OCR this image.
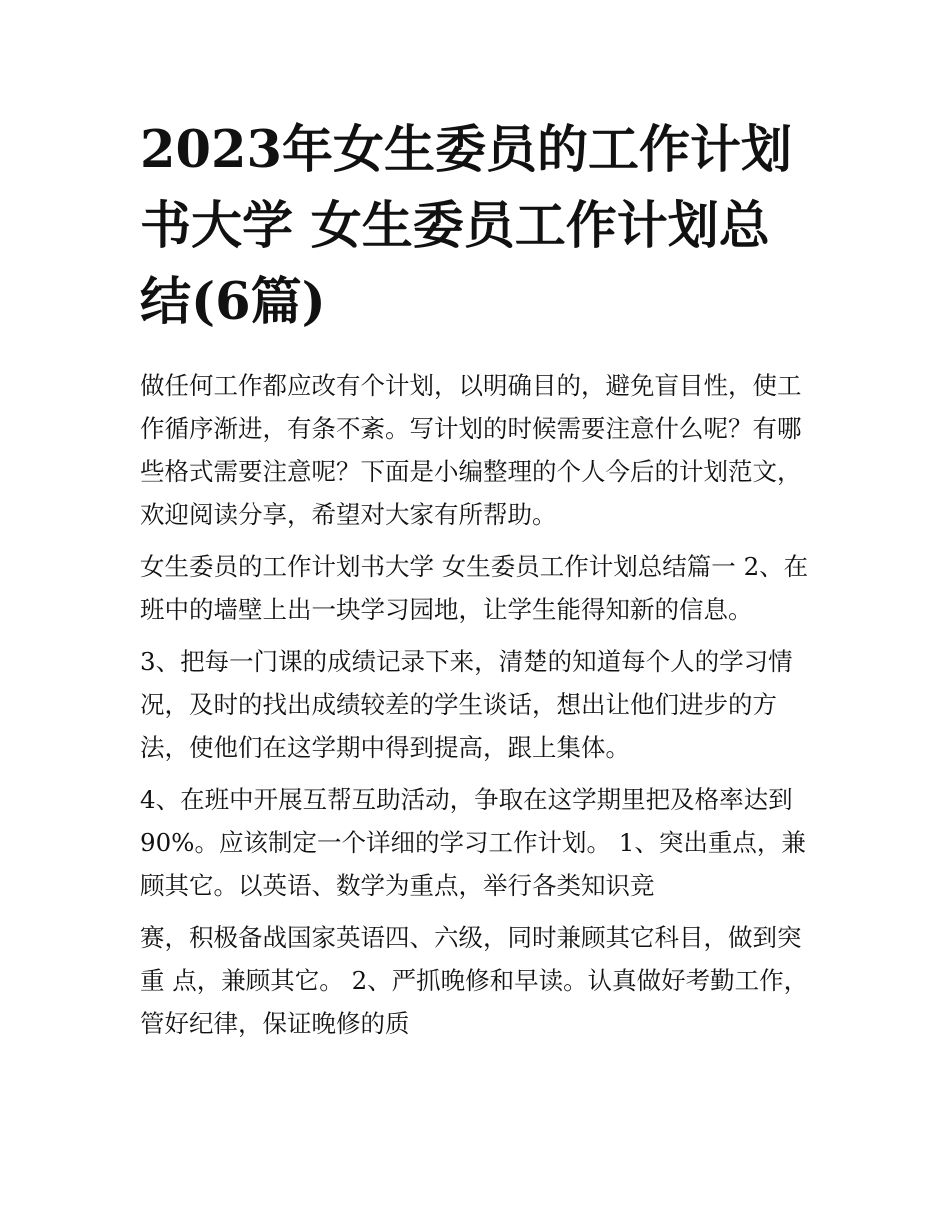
2023年女生委员的工作计划书大学 女生委员工作计划总结(6篇)
做任何工作都应改有个计划，以明确目的，避免盲目性，使工
作循序渐进，有条不紊。写计划的时候需要注意什么呢？有哪
些格式需要注意呢？下面是小编整理的个人今后的计划范文，
欢迎阅读分享，希望对大家有所帮助。
女生委员的工作计划书大学 女生委员工作计划总结篇一 2、在
班中的墙壁上出一块学习园地，让学生能得知新的信息。
3、把每一门课的成绩记录下来，清楚的知道每个人的学习情
况，及时的找出成绩较差的学生谈话，想出让他们进步的方
法，使他们在这学期中得到提高，跟上集体。
4、在班中开展互帮互助活动，争取在这学期里把及格率达到
90%。应该制定一个详细的学习工作计划。 1、突出重点，兼
顾其它。以英语、数学为重点，举行各类知识竞
赛，积极备战国家英语四、六级，同时兼顾其它科目，做到突
重 点，兼顾其它。 2、严抓晚修和早读。认真做好考勤工作，
管好纪律，保证晚修的质
